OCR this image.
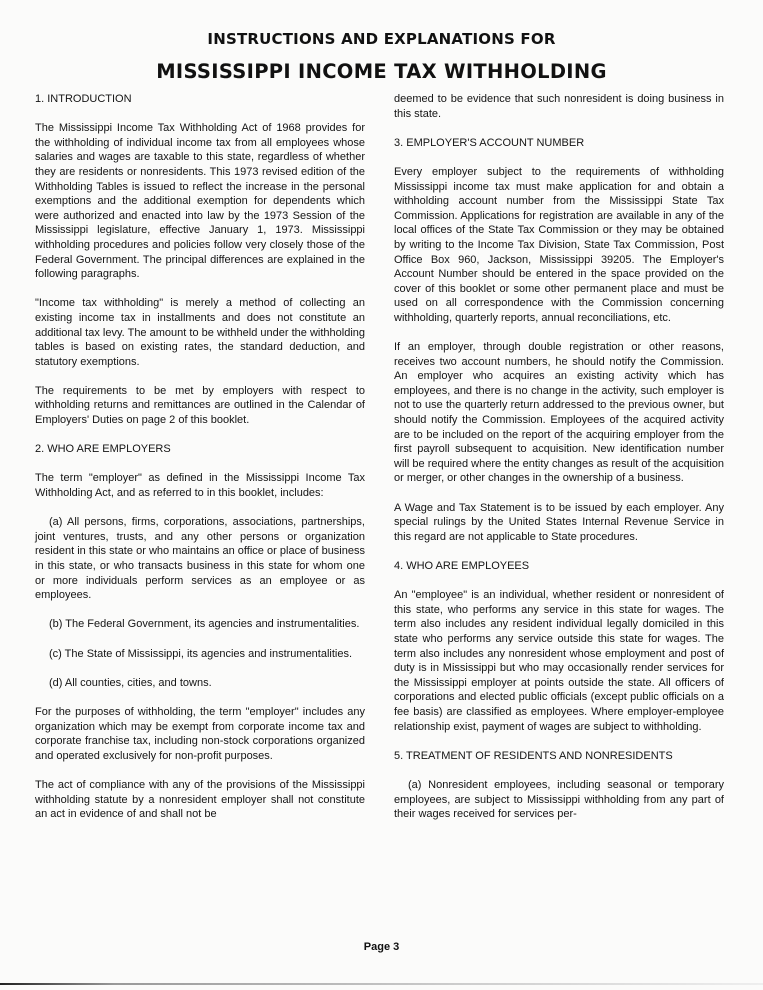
INSTRUCTIONS AND EXPLANATIONS FOR
MISSISSIPPI INCOME TAX WITHHOLDING
1. INTRODUCTION

The Mississippi Income Tax Withholding Act of 1968 provides for the withholding of individual income tax from all employees whose salaries and wages are taxable to this state, regardless of whether they are residents or nonresidents. This 1973 revised edition of the Withholding Tables is issued to reflect the increase in the personal exemptions and the additional exemption for dependents which were authorized and enacted into law by the 1973 Session of the Mississippi legislature, effective January 1, 1973. Mississippi withholding procedures and policies follow very closely those of the Federal Government. The principal differences are explained in the following paragraphs.

"Income tax withholding" is merely a method of collecting an existing income tax in installments and does not constitute an additional tax levy. The amount to be withheld under the withholding tables is based on existing rates, the standard deduction, and statutory exemptions.

The requirements to be met by employers with respect to withholding returns and remittances are outlined in the Calendar of Employers' Duties on page 2 of this booklet.

2. WHO ARE EMPLOYERS

The term "employer" as defined in the Mississippi Income Tax Withholding Act, and as referred to in this booklet, includes:

(a) All persons, firms, corporations, associations, partnerships, joint ventures, trusts, and any other persons or organization resident in this state or who maintains an office or place of business in this state, or who transacts business in this state for whom one or more individuals perform services as an employee or as employees.

(b) The Federal Government, its agencies and instrumentalities.

(c) The State of Mississippi, its agencies and instrumentalities.

(d) All counties, cities, and towns.

For the purposes of withholding, the term "employer" includes any organization which may be exempt from corporate income tax and corporate franchise tax, including non-stock corporations organized and operated exclusively for non-profit purposes.

The act of compliance with any of the provisions of the Mississippi withholding statute by a nonresident employer shall not constitute an act in evidence of and shall not be

deemed to be evidence that such nonresident is doing business in this state.

3. EMPLOYER'S ACCOUNT NUMBER

Every employer subject to the requirements of withholding Mississippi income tax must make application for and obtain a withholding account number from the Mississippi State Tax Commission. Applications for registration are available in any of the local offices of the State Tax Commission or they may be obtained by writing to the Income Tax Division, State Tax Commission, Post Office Box 960, Jackson, Mississippi 39205. The Employer's Account Number should be entered in the space provided on the cover of this booklet or some other permanent place and must be used on all correspondence with the Commission concerning withholding, quarterly reports, annual reconciliations, etc.

If an employer, through double registration or other reasons, receives two account numbers, he should notify the Commission. An employer who acquires an existing activity which has employees, and there is no change in the activity, such employer is not to use the quarterly return addressed to the previous owner, but should notify the Commission. Employees of the acquired activity are to be included on the report of the acquiring employer from the first payroll subsequent to acquisition. New identification number will be required where the entity changes as result of the acquisition or merger, or other changes in the ownership of a business.

A Wage and Tax Statement is to be issued by each employer. Any special rulings by the United States Internal Revenue Service in this regard are not applicable to State procedures.

4. WHO ARE EMPLOYEES

An "employee" is an individual, whether resident or nonresident of this state, who performs any service in this state for wages. The term also includes any resident individual legally domiciled in this state who performs any service outside this state for wages. The term also includes any nonresident whose employment and post of duty is in Mississippi but who may occasionally render services for the Mississippi employer at points outside the state. All officers of corporations and elected public officials (except public officials on a fee basis) are classified as employees. Where employer-employee relationship exist, payment of wages are subject to withholding.

5. TREATMENT OF RESIDENTS AND NONRESIDENTS

(a) Nonresident employees, including seasonal or temporary employees, are subject to Mississippi withholding from any part of their wages received for services per-

Page 3
